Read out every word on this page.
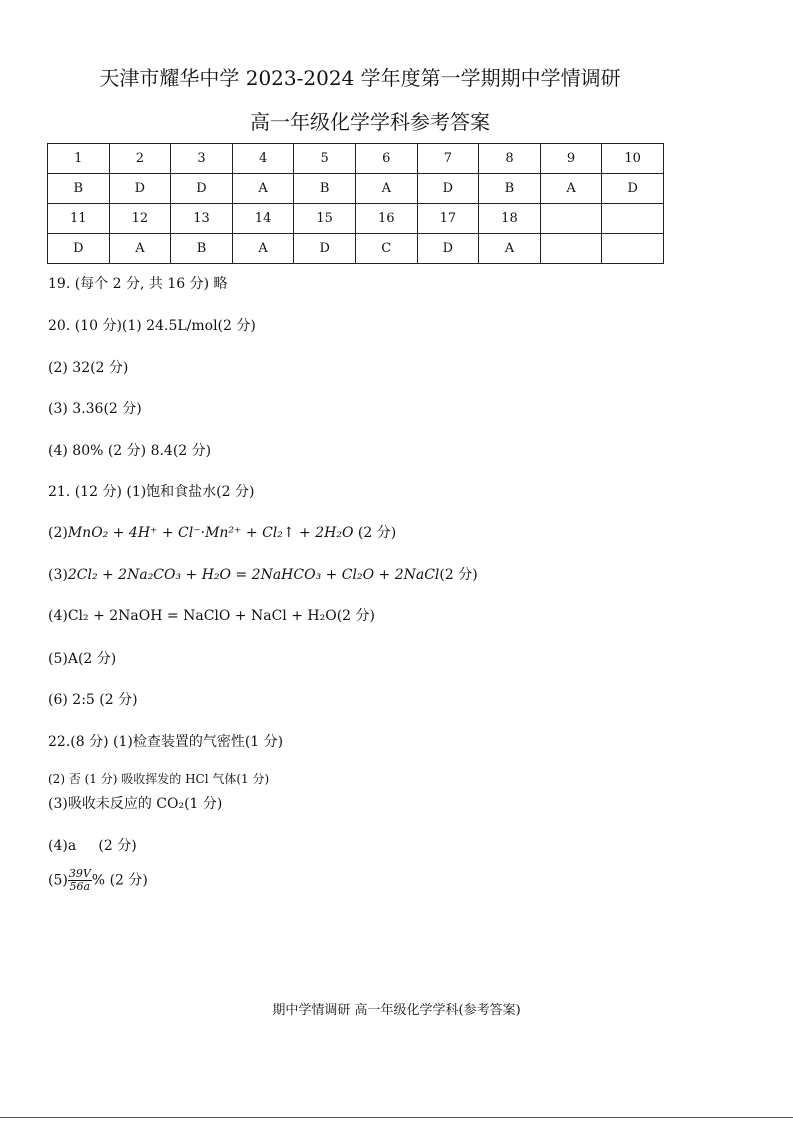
天津市耀华中学 2023-2024 学年度第一学期期中学情调研
高一年级化学学科参考答案
1	2	3	4	5	6	7	8	9	10
B	D	D	A	B	A	D	B	A	D
11	12	13	14	15	16	17	18		
D	A	B	A	D	C	D	A		
19. (每个 2 分, 共 16 分) 略
20. (10 分)(1) 24.5L/mol(2 分)
(2) 32(2 分)
(3) 3.36(2 分)
(4) 80% (2 分) 8.4(2 分)
21. (12 分) (1)饱和食盐水(2 分)
(2)MnO₂ + 4H⁺ + Cl⁻·Mn²⁺ + Cl₂↑ + 2H₂O (2 分)
(3)2Cl₂ + 2Na₂CO₃ + H₂O = 2NaHCO₃ + Cl₂O + 2NaCl(2 分)
(4)Cl₂ + 2NaOH = NaClO + NaCl + H₂O(2 分)
(5)A(2 分)
(6) 2:5 (2 分)
22.(8 分) (1)检查装置的气密性(1 分)
(2) 否 (1 分) 吸收挥发的 HCl 气体(1 分)
(3)吸收未反应的 CO₂(1 分)
(4)a     (2 分)
$(5) \frac{39V}{56a}$ % (2 分)
期中学情调研 高一年级化学学科(参考答案)
